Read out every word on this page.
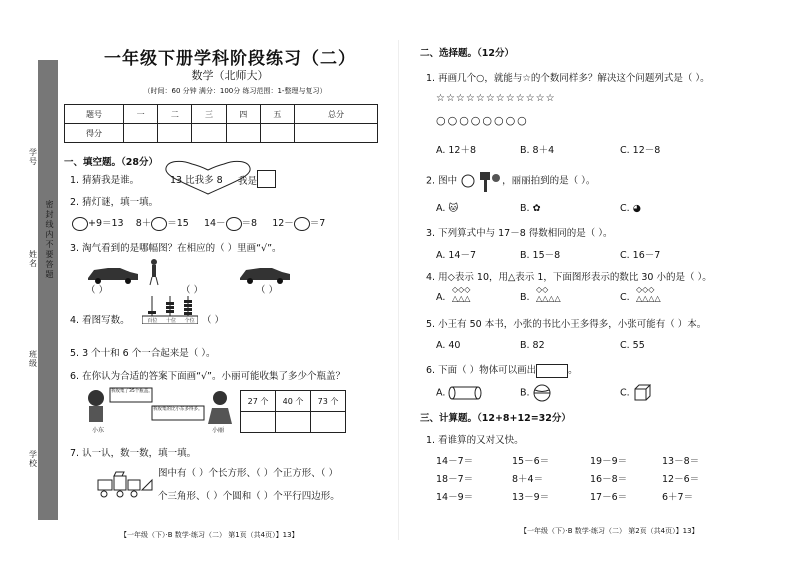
学号
姓名
班级
学校
密
封
线
内
不
要
答
题
一年级下册学科阶段练习（二）
数学（北师大）
（时间：60 分钟 满分：100分 练习范围：1-整理与复习）
题号	一	二	三	四	五	总分
得分						
一、填空题。（28分）
1. 猜猜我是谁。	13 比我多 8 我是
2. 猜灯谜，填一填。
+9＝13 8＋ ＝15 14－ ＝8 12－ ＝7
3. 淘气看到的是哪幅图？在相应的（ ）里画“√”。
（ ）	（ ）	（ ）
4. 看图写数。	百位 十位 个位 （ ）
5. 3 个十和 6 个一合起来是（ ）。
6. 在你认为合适的答案下面画“√”。小丽可能收集了多少个瓶盖？
我收集了35个瓶盖。
我收集的比小东多得多。
小东	小丽
27 个	40 个	73 个

7. 认一认，数一数，填一填。
图中有（ ）个长方形、（ ）个正方形、（ ）
个三角形、（ ）个圆和（ ）个平行四边形。
【一年级（下）·B 数学·练习（二） 第1页（共4页）】13】
二、选择题。（12分）
1. 再画几个○，就能与☆的个数同样多？解决这个问题列式是（ ）。
☆☆☆☆☆☆☆☆☆☆☆☆
○○○○○○○○
A. 12＋8	B. 8＋4	C. 12－8
2. 图中	，丽丽拍到的是（ ）。
A. 🐱	B. ✿	C. ◕
3. 下列算式中与 17－8 得数相同的是（ ）。
A. 14－7	B. 15－8	C. 16－7
4. 用◇表示 10，用△表示 1，下面图形表示的数比 30 小的是（ ）。
A.
◇◇◇
△△△	B.
◇◇
△△△△	C.
◇◇◇
△△△△
5. 小王有 50 本书，小张的书比小王多得多，小张可能有（ ）本。
A. 40	B. 82	C. 55
6. 下面（ ）物体可以画出	。
A.	B.	C.
三、计算题。（12+8+12=32分）
1. 看谁算的又对又快。
14－7＝	15－6＝	19－9＝	13－8＝
18－7＝	8＋4＝	16－8＝	12－6＝
14－9＝	13－9＝	17－6＝	6＋7＝
【一年级（下）·B 数学·练习（二） 第2页（共4页）】13】
